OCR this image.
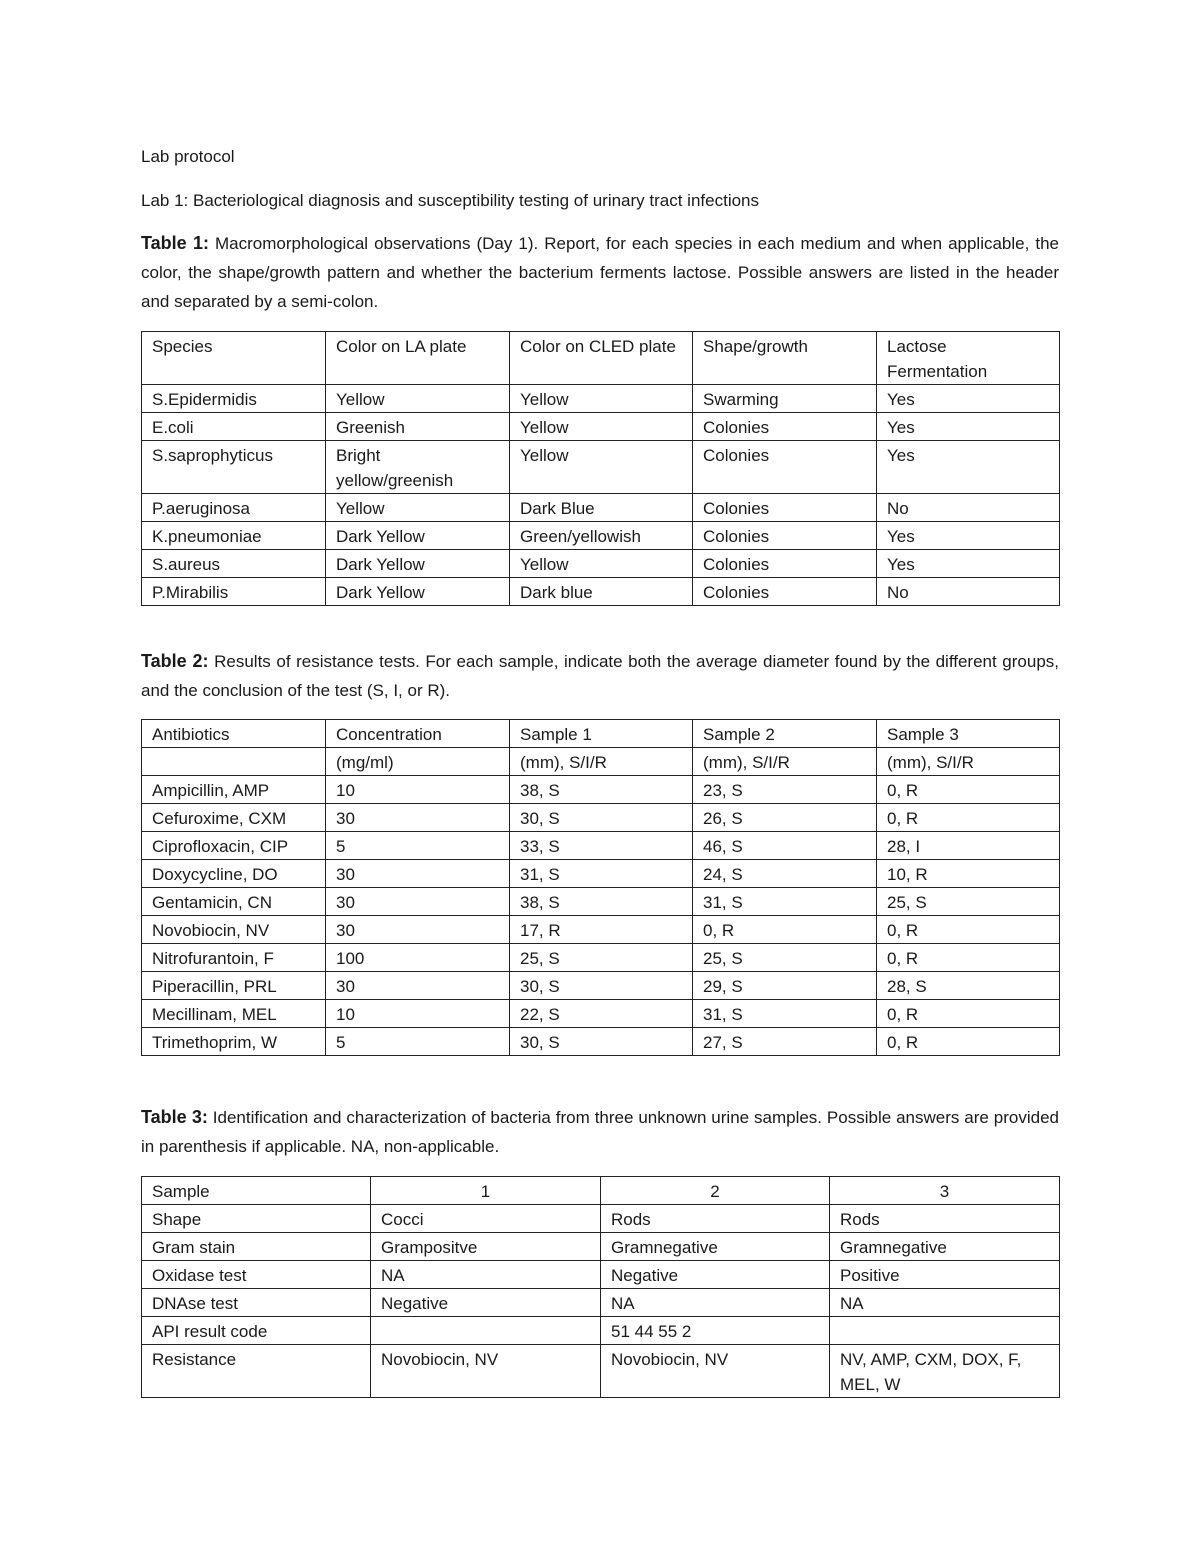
Lab protocol

Lab 1: Bacteriological diagnosis and susceptibility testing of urinary tract infections

Table 1: Macromorphological observations (Day 1). Report, for each species in each medium and when applicable, the color, the shape/growth pattern and whether the bacterium ferments lactose. Possible answers are listed in the header and separated by a semi-colon.

Species	Color on LA plate	Color on CLED plate	Shape/growth	Lactose Fermentation
S.Epidermidis	Yellow	Yellow	Swarming	Yes
E.coli	Greenish	Yellow	Colonies	Yes
S.saprophyticus	Bright yellow/greenish	Yellow	Colonies	Yes
P.aeruginosa	Yellow	Dark Blue	Colonies	No
K.pneumoniae	Dark Yellow	Green/yellowish	Colonies	Yes
S.aureus	Dark Yellow	Yellow	Colonies	Yes
P.Mirabilis	Dark Yellow	Dark blue	Colonies	No

Table 2: Results of resistance tests. For each sample, indicate both the average diameter found by the different groups, and the conclusion of the test (S, I, or R).

Antibiotics	Concentration	Sample 1	Sample 2	Sample 3
	(mg/ml)	(mm), S/I/R	(mm), S/I/R	(mm), S/I/R
Ampicillin, AMP	10	38, S	23, S	0, R
Cefuroxime, CXM	30	30, S	26, S	0, R
Ciprofloxacin, CIP	5	33, S	46, S	28, I
Doxycycline, DO	30	31, S	24, S	10, R
Gentamicin, CN	30	38, S	31, S	25, S
Novobiocin, NV	30	17, R	0, R	0, R
Nitrofurantoin, F	100	25, S	25, S	0, R
Piperacillin, PRL	30	30, S	29, S	28, S
Mecillinam, MEL	10	22, S	31, S	0, R
Trimethoprim, W	5	30, S	27, S	0, R

Table 3: Identification and characterization of bacteria from three unknown urine samples. Possible answers are provided in parenthesis if applicable. NA, non-applicable.

Sample	1	2	3
Shape	Cocci	Rods	Rods
Gram stain	Grampositve	Gramnegative	Gramnegative
Oxidase test	NA	Negative	Positive
DNAse test	Negative	NA	NA
API result code		51 44 55 2	
Resistance	Novobiocin, NV	Novobiocin, NV	NV, AMP, CXM, DOX, F, MEL, W
